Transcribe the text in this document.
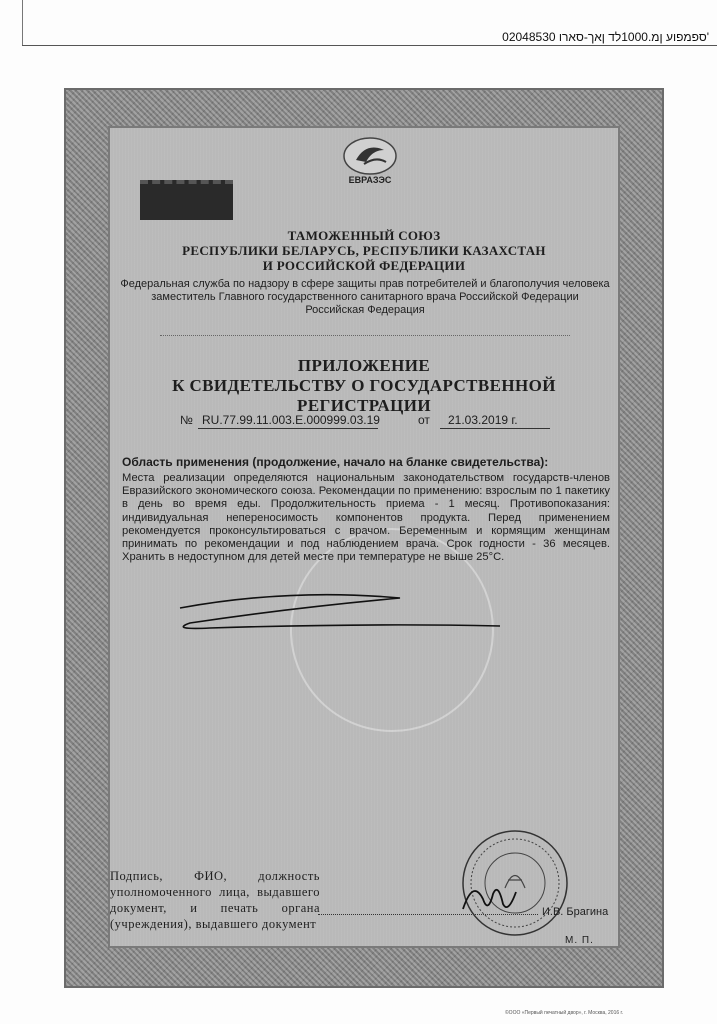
020485ספמפוע ןמ.1000לד ןאך-סארו 30'
ЕВРАЗЭС
ТАМОЖЕННЫЙ СОЮЗ
РЕСПУБЛИКИ БЕЛАРУСЬ, РЕСПУБЛИКИ КАЗАХСТАН
И РОССИЙСКОЙ ФЕДЕРАЦИИ
Федеральная служба по надзору в сфере защиты прав потребителей и благополучия человека
заместитель Главного государственного санитарного врача Российской Федерации
Российская Федерация
ПРИЛОЖЕНИЕ
К СВИДЕТЕЛЬСТВУ О ГОСУДАРСТВЕННОЙ РЕГИСТРАЦИИ
№ RU.77.99.11.003.E.000999.03.19	от 21.03.2019 г.
Область применения (продолжение, начало на бланке свидетельства):
Места реализации определяются национальным законодательством государств-членов Евразийского экономического союза. Рекомендации по применению: взрослым по 1 пакетику в день во время еды. Продолжительность приема - 1 месяц. Противопоказания: индивидуальная непереносимость компонентов продукта. Перед применением рекомендуется проконсультироваться с врачом. Беременным и кормящим женщинам принимать по рекомендации и под наблюдением врача. Срок годности - 36 месяцев. Хранить в недоступном для детей месте при температуре не выше 25°С.
Подпись, ФИО, должность уполномоченного лица, выдавшего документ, и печать органа (учреждения), выдавшего документ
И.В. Брагина
М. П.
©ООО «Первый печатный двор», г. Москва, 2016 г.
